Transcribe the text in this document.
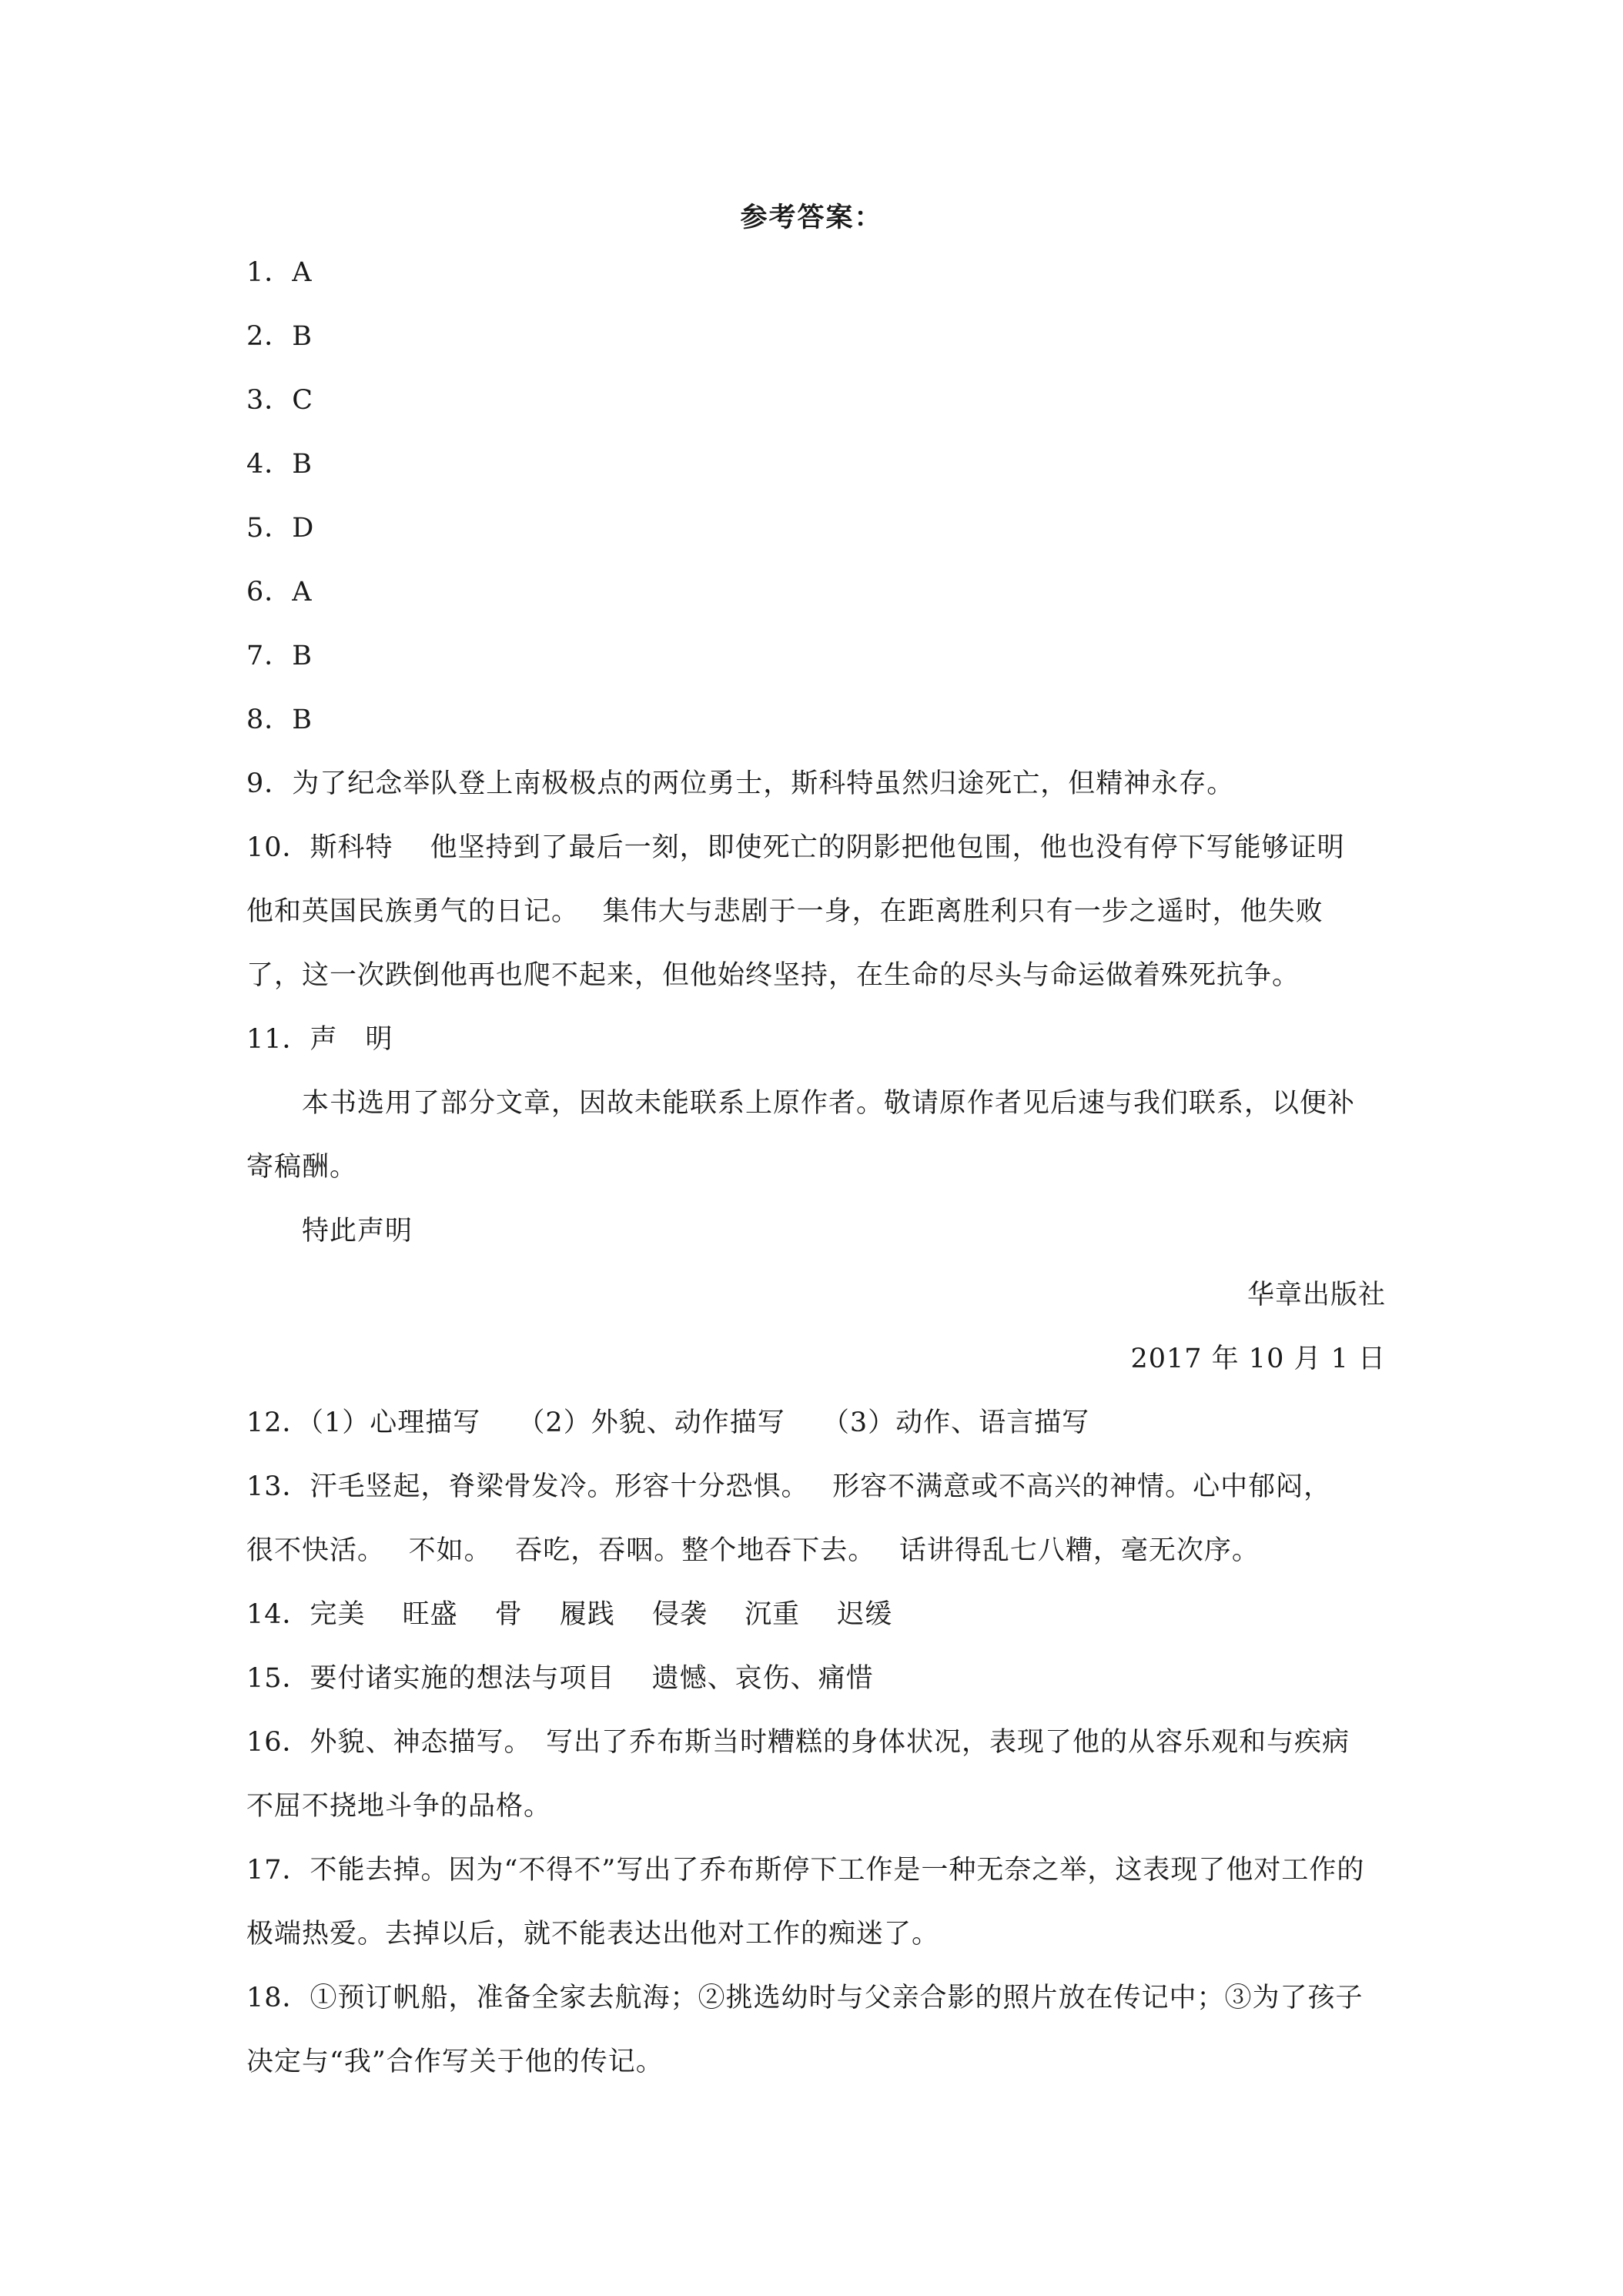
参考答案：
1．A
2．B
3．C
4．B
5．D
6．A
7．B
8．B
9．为了纪念举队登上南极极点的两位勇士，斯科特虽然归途死亡，但精神永存。
10．斯科特　 他坚持到了最后一刻，即使死亡的阴影把他包围，他也没有停下写能够证明
他和英国民族勇气的日记。　 集伟大与悲剧于一身，在距离胜利只有一步之遥时，他失败
了，这一次跌倒他再也爬不起来，但他始终坚持，在生命的尽头与命运做着殊死抗争。
11．声　明
　　本书选用了部分文章，因故未能联系上原作者。敬请原作者见后速与我们联系，以便补
寄稿酬。
　　特此声明
华章出版社
2017 年 10 月 1 日
12．（1）心理描写　 （2）外貌、动作描写　 （3）动作、语言描写
13．汗毛竖起，脊梁骨发冷。形容十分恐惧。　 形容不满意或不高兴的神情。心中郁闷，
很不快活。　 不如。　 吞吃，吞咽。整个地吞下去。　 话讲得乱七八糟，毫无次序。
14．完美　 旺盛　 骨　 履践　 侵袭　 沉重　 迟缓
15．要付诸实施的想法与项目　 遗憾、哀伤、痛惜
16．外貌、神态描写。　写出了乔布斯当时糟糕的身体状况，表现了他的从容乐观和与疾病
不屈不挠地斗争的品格。
17．不能去掉。因为“不得不”写出了乔布斯停下工作是一种无奈之举，这表现了他对工作的
极端热爱。去掉以后，就不能表达出他对工作的痴迷了。
18．①预订帆船，准备全家去航海；②挑选幼时与父亲合影的照片放在传记中；③为了孩子
决定与“我”合作写关于他的传记。
